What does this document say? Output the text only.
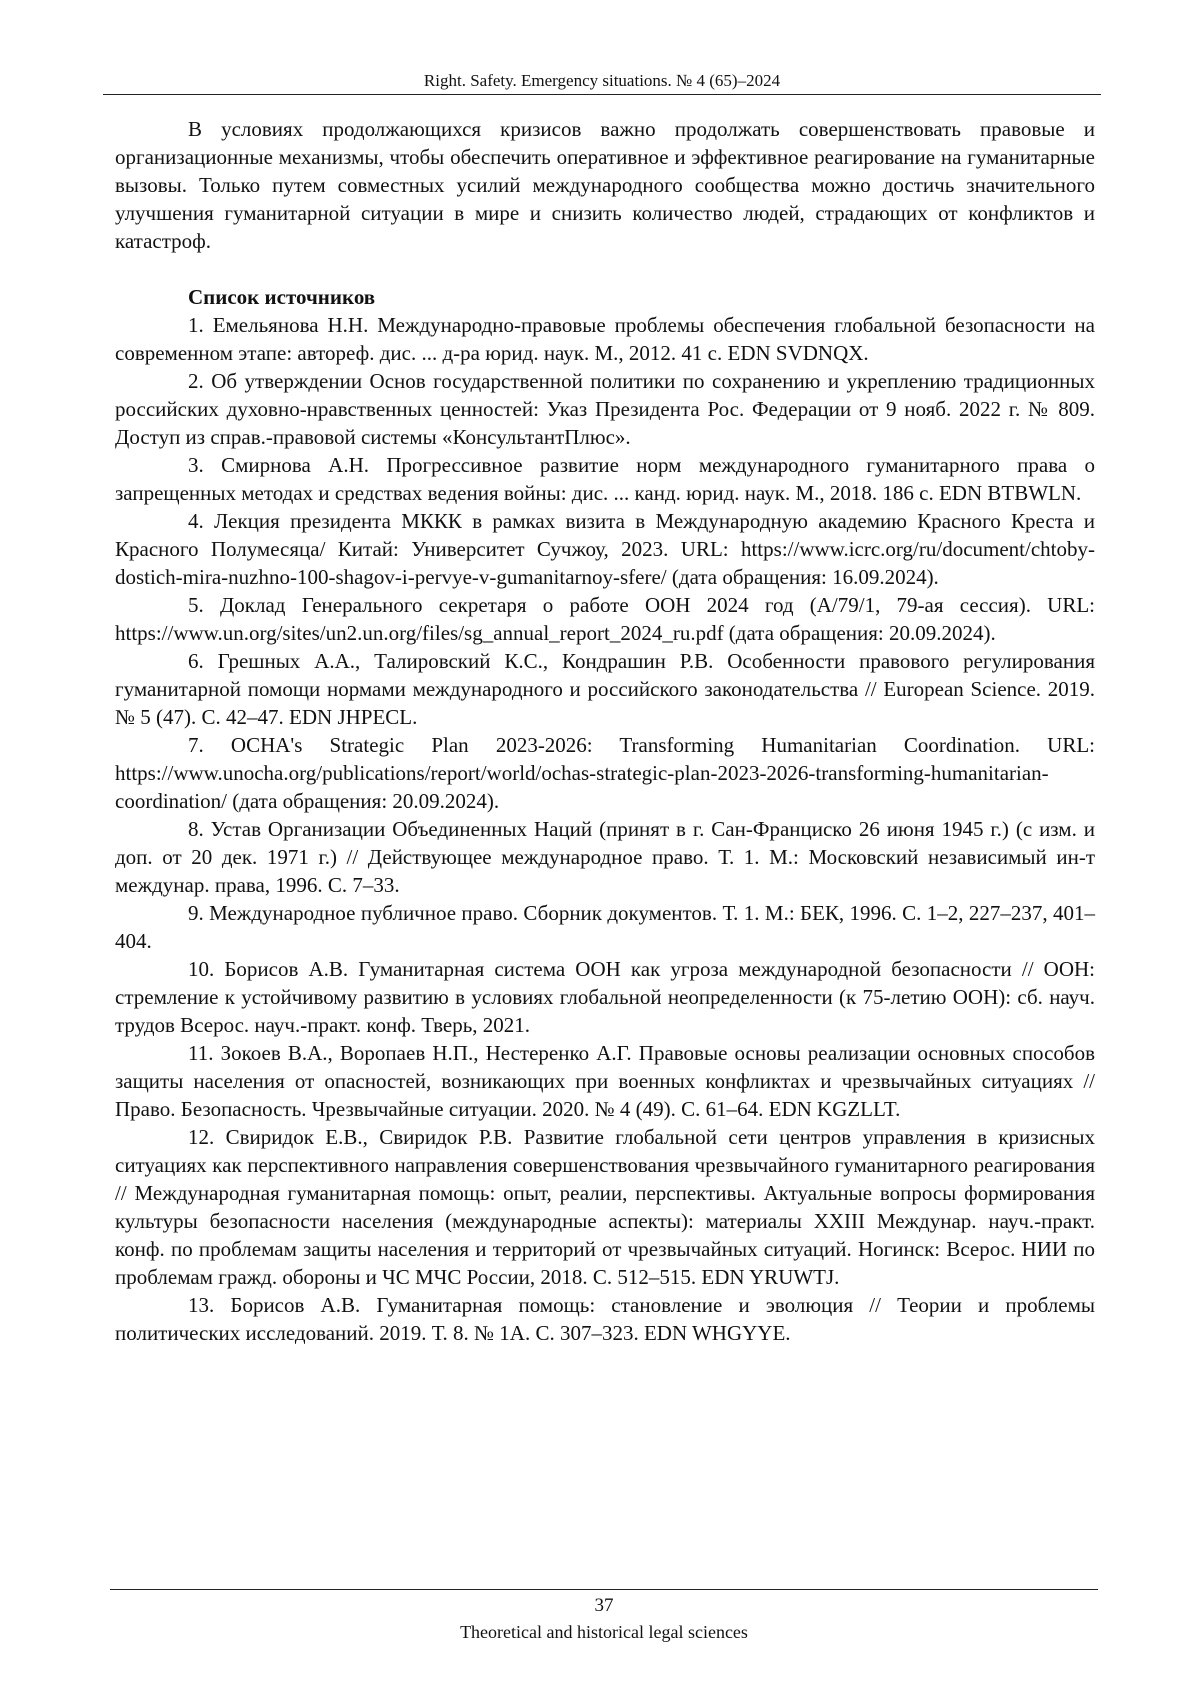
Right. Safety. Emergency situations. № 4 (65)–2024

В условиях продолжающихся кризисов важно продолжать совершенствовать правовые и организационные механизмы, чтобы обеспечить оперативное и эффективное реагирование на гуманитарные вызовы. Только путем совместных усилий международного сообщества можно достичь значительного улучшения гуманитарной ситуации в мире и снизить количество людей, страдающих от конфликтов и катастроф.

Список источников

1. Емельянова Н.Н. Международно-правовые проблемы обеспечения глобальной безопасности на современном этапе: автореф. дис. ... д-ра юрид. наук. М., 2012. 41 с. EDN SVDNQX.

2. Об утверждении Основ государственной политики по сохранению и укреплению традиционных российских духовно-нравственных ценностей: Указ Президента Рос. Федерации от 9 нояб. 2022 г. № 809. Доступ из справ.-правовой системы «КонсультантПлюс».

3. Смирнова А.Н. Прогрессивное развитие норм международного гуманитарного права о запрещенных методах и средствах ведения войны: дис. ... канд. юрид. наук. М., 2018. 186 с. EDN BTBWLN.

4. Лекция президента МККК в рамках визита в Международную академию Красного Креста и Красного Полумесяца/ Китай: Университет Сучжоу, 2023. URL: https://www.icrc.org/ru/document/chtoby-dostich-mira-nuzhno-100-shagov-i-pervye-v-gumanitarnoy-sfere/ (дата обращения: 16.09.2024).

5. Доклад Генерального секретаря о работе ООН 2024 год (A/79/1, 79-ая сессия). URL: https://www.un.org/sites/un2.un.org/files/sg_annual_report_2024_ru.pdf (дата обращения: 20.09.2024).

6. Грешных А.А., Талировский К.С., Кондрашин Р.В. Особенности правового регулирования гуманитарной помощи нормами международного и российского законодательства // European Science. 2019. № 5 (47). С. 42–47. EDN JHPECL.

7. OCHA's Strategic Plan 2023-2026: Transforming Humanitarian Coordination. URL: https://www.unocha.org/publications/report/world/ochas-strategic-plan-2023-2026-transforming-humanitarian-coordination/ (дата обращения: 20.09.2024).

8. Устав Организации Объединенных Наций (принят в г. Сан-Франциско 26 июня 1945 г.) (с изм. и доп. от 20 дек. 1971 г.) // Действующее международное право. Т. 1. М.: Московский независимый ин-т междунар. права, 1996. С. 7–33.

9. Международное публичное право. Сборник документов. Т. 1. М.: БЕК, 1996. С. 1–2, 227–237, 401–404.

10. Борисов А.В. Гуманитарная система ООН как угроза международной безопасности // ООН: стремление к устойчивому развитию в условиях глобальной неопределенности (к 75-летию ООН): сб. науч. трудов Всерос. науч.-практ. конф. Тверь, 2021.

11. Зокоев В.А., Воропаев Н.П., Нестеренко А.Г. Правовые основы реализации основных способов защиты населения от опасностей, возникающих при военных конфликтах и чрезвычайных ситуациях // Право. Безопасность. Чрезвычайные ситуации. 2020. № 4 (49). С. 61–64. EDN KGZLLT.

12. Свиридок Е.В., Свиридок Р.В. Развитие глобальной сети центров управления в кризисных ситуациях как перспективного направления совершенствования чрезвычайного гуманитарного реагирования // Международная гуманитарная помощь: опыт, реалии, перспективы. Актуальные вопросы формирования культуры безопасности населения (международные аспекты): материалы XXIII Междунар. науч.-практ. конф. по проблемам защиты населения и территорий от чрезвычайных ситуаций. Ногинск: Всерос. НИИ по проблемам гражд. обороны и ЧС МЧС России, 2018. С. 512–515. EDN YRUWTJ.

13. Борисов А.В. Гуманитарная помощь: становление и эволюция // Теории и проблемы политических исследований. 2019. Т. 8. № 1А. С. 307–323. EDN WHGYYE.

37
Theoretical and historical legal sciences
